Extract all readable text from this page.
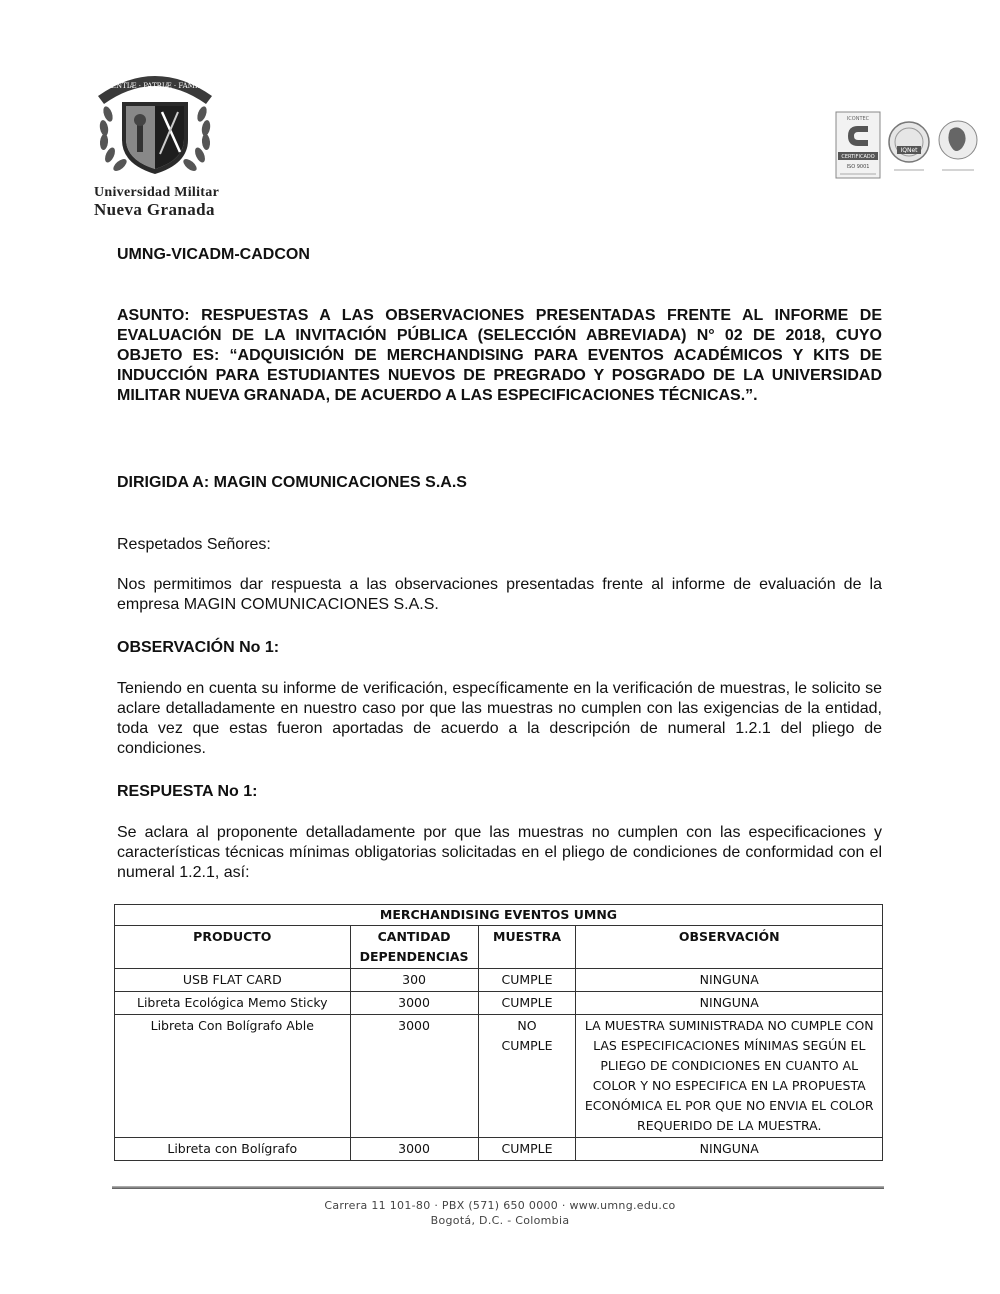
SCIENTIÆ · PATRIÆ · FAMILIÆ
Universidad Militar
Nueva Granada
ICONTEC
CERTIFICADO
ISO 9001
IQNet
UMNG-VICADM-CADCON
ASUNTO: RESPUESTAS A LAS OBSERVACIONES PRESENTADAS FRENTE AL INFORME DE EVALUACIÓN DE LA INVITACIÓN PÚBLICA (SELECCIÓN ABREVIADA) N° 02 DE 2018, CUYO OBJETO ES: “ADQUISICIÓN DE MERCHANDISING PARA EVENTOS ACADÉMICOS Y KITS DE INDUCCIÓN PARA ESTUDIANTES NUEVOS DE PREGRADO Y POSGRADO DE LA UNIVERSIDAD MILITAR NUEVA GRANADA, DE ACUERDO A LAS ESPECIFICACIONES TÉCNICAS.”.
DIRIGIDA A: MAGIN COMUNICACIONES S.A.S
Respetados Señores:
Nos permitimos dar respuesta a las observaciones presentadas frente al informe de evaluación de la empresa MAGIN COMUNICACIONES S.A.S.
OBSERVACIÓN No 1:
Teniendo en cuenta su informe de verificación, específicamente en la verificación de muestras, le solicito se aclare detalladamente en nuestro caso por que las muestras no cumplen con las exigencias de la entidad, toda vez que estas fueron aportadas de acuerdo a la descripción de numeral 1.2.1 del pliego de condiciones.
RESPUESTA No 1:
Se aclara al proponente detalladamente por que las muestras no cumplen con las especificaciones y características técnicas mínimas obligatorias solicitadas en el pliego de condiciones de conformidad con el numeral 1.2.1, así:
MERCHANDISING EVENTOS UMNG			
PRODUCTO	CANTIDAD DEPENDENCIAS	MUESTRA	OBSERVACIÓN
USB FLAT CARD	300	CUMPLE	NINGUNA
Libreta Ecológica Memo Sticky	3000	CUMPLE	NINGUNA
Libreta Con Bolígrafo Able	3000	NO CUMPLE	LA MUESTRA SUMINISTRADA NO CUMPLE CON LAS ESPECIFICACIONES MÍNIMAS SEGÚN EL PLIEGO DE CONDICIONES EN CUANTO AL COLOR Y NO ESPECIFICA EN LA PROPUESTA ECONÓMICA EL POR QUE NO ENVIA EL COLOR REQUERIDO DE LA MUESTRA.
Libreta con Bolígrafo	3000	CUMPLE	NINGUNA
Carrera 11 101-80 · PBX (571) 650 0000 · www.umng.edu.co
Bogotá, D.C. - Colombia
